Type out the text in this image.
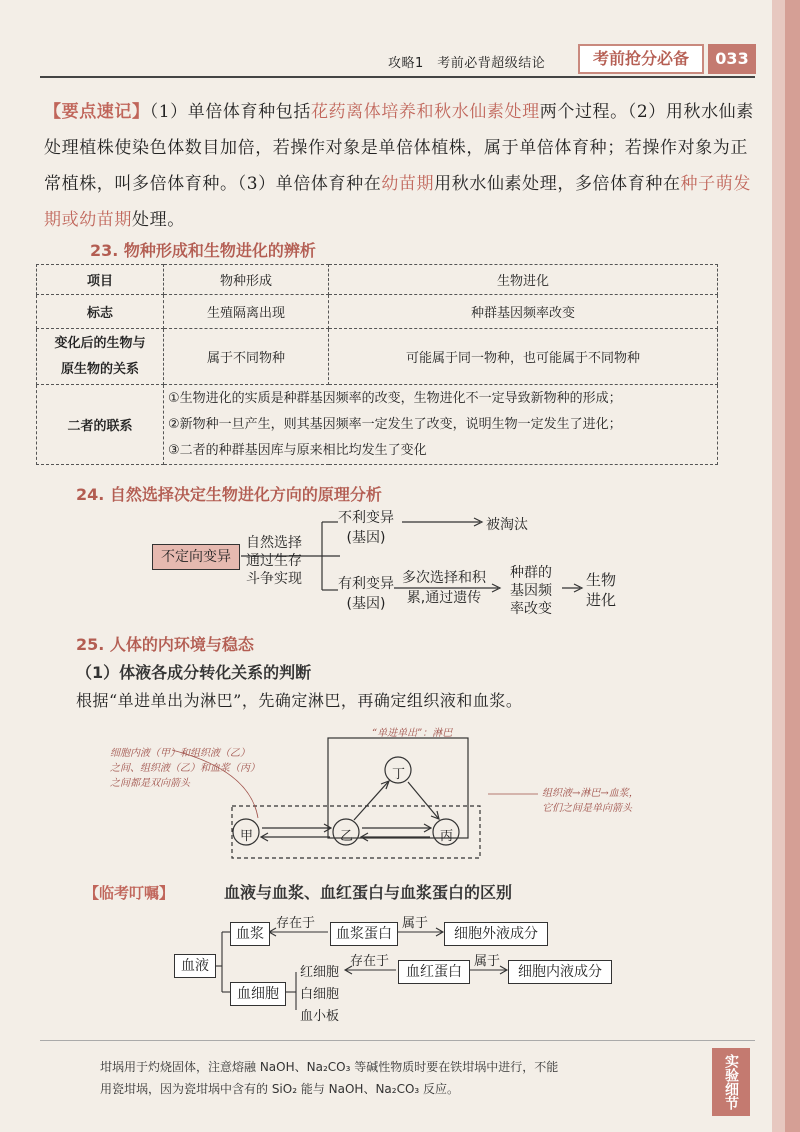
攻略1　考前必背超级结论	考前抢分必备	033
【要点速记】（1）单倍体育种包括花药离体培养和秋水仙素处理两个过程。（2）用秋水仙素处理植株使染色体数目加倍，若操作对象是单倍体植株，属于单倍体育种；若操作对象为正常植株，叫多倍体育种。（3）单倍体育种在幼苗期用秋水仙素处理，多倍体育种在种子萌发期或幼苗期处理。
23. 物种形成和生物进化的辨析
项目	物种形成	生物进化
标志	生殖隔离出现	种群基因频率改变
变化后的生物与
原生物的关系	属于不同物种	可能属于同一物种，也可能属于不同物种
二者的联系	①生物进化的实质是种群基因频率的改变，生物进化不一定导致新物种的形成；
②新物种一旦产生，则其基因频率一定发生了改变，说明生物一定发生了进化；
③二者的种群基因库与原来相比均发生了变化	
24. 自然选择决定生物进化方向的原理分析
不定向变异
自然选择
通过生存
斗争实现
不利变异
(基因)
被淘汰
有利变异
(基因)
多次选择和积
累,通过遗传
种群的
基因频
率改变
生物
进化
25. 人体的内环境与稳态
（1）体液各成分转化关系的判断
根据“单进单出为淋巴”，先确定淋巴，再确定组织液和血浆。
丁
甲	乙	丙
“单进单出”：淋巴
细胞内液（甲）和组织液（乙）
之间、组织液（乙）和血浆（丙）
之间都是双向箭头
组织液→淋巴→血浆，
它们之间是单向箭头
【临考叮嘱】	血液与血浆、血红蛋白与血浆蛋白的区别
血液
血浆
血细胞
存在于
血浆蛋白
属于
细胞外液成分
红细胞
白细胞
血小板
存在于
血红蛋白
属于
细胞内液成分
坩埚用于灼烧固体，注意熔融 NaOH、Na₂CO₃ 等碱性物质时要在铁坩埚中进行，不能
用瓷坩埚，因为瓷坩埚中含有的 SiO₂ 能与 NaOH、Na₂CO₃ 反应。	实验细节
